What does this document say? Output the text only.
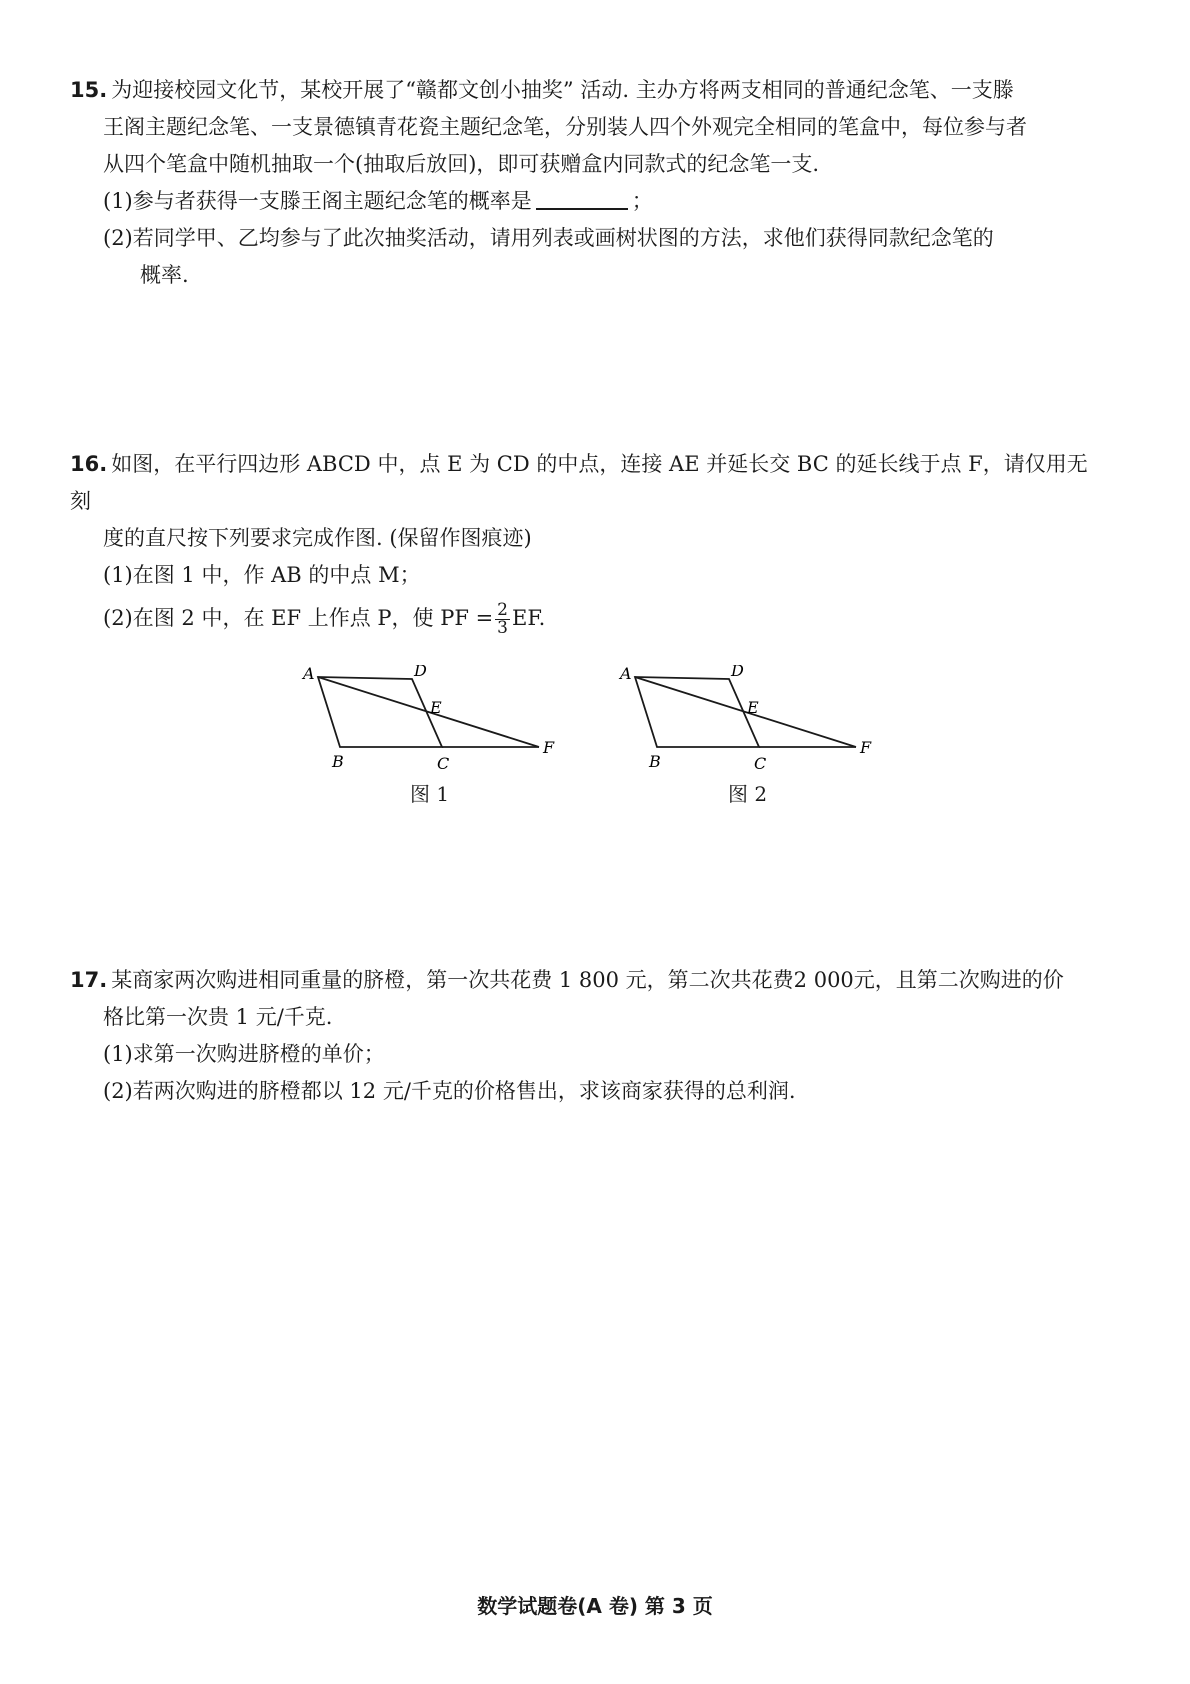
15. 为迎接校园文化节，某校开展了“赣都文创小抽奖” 活动. 主办方将两支相同的普通纪念笔、一支滕
王阁主题纪念笔、一支景德镇青花瓷主题纪念笔，分别装人四个外观完全相同的笔盒中，每位参与者
从四个笔盒中随机抽取一个(抽取后放回)，即可获赠盒内同款式的纪念笔一支.
(1)参与者获得一支滕王阁主题纪念笔的概率是	；
(2)若同学甲、乙均参与了此次抽奖活动，请用列表或画树状图的方法，求他们获得同款纪念笔的
概率.
16. 如图，在平行四边形 ABCD 中，点 E 为 CD 的中点，连接 AE 并延长交 BC 的延长线于点 F，请仅用无刻
度的直尺按下列要求完成作图. (保留作图痕迹)
(1)在图 1 中，作 AB 的中点 M；
(2)在图 2 中，在 EF 上作点 P，使 PF = $\frac{2}{3}$ EF.
A	D
E
B	C
F
图 1
A	D
E
B	C
F
图 2
17. 某商家两次购进相同重量的脐橙，第一次共花费 1 800 元，第二次共花费2 000元，且第二次购进的价
格比第一次贵 1 元/千克.
(1)求第一次购进脐橙的单价；
(2)若两次购进的脐橙都以 12 元/千克的价格售出，求该商家获得的总利润.
数学试题卷(A 卷) 第 3 页
